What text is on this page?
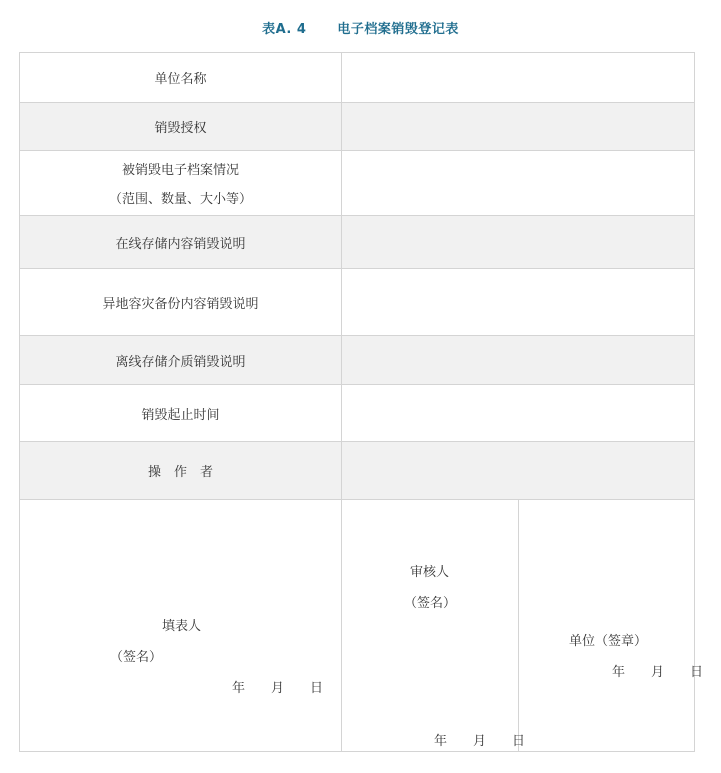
表A. 4 电子档案销毁登记表
单位名称
销毁授权
被销毁电子档案情况
（范围、数量、大小等）
在线存储内容销毁说明
异地容灾备份内容销毁说明
离线存储介质销毁说明
销毁起止时间
操　作　者
填表人
（签名）
年　　月　　日
审核人
（签名）
年　　月　　日
单位（签章）
年　　月　　日
